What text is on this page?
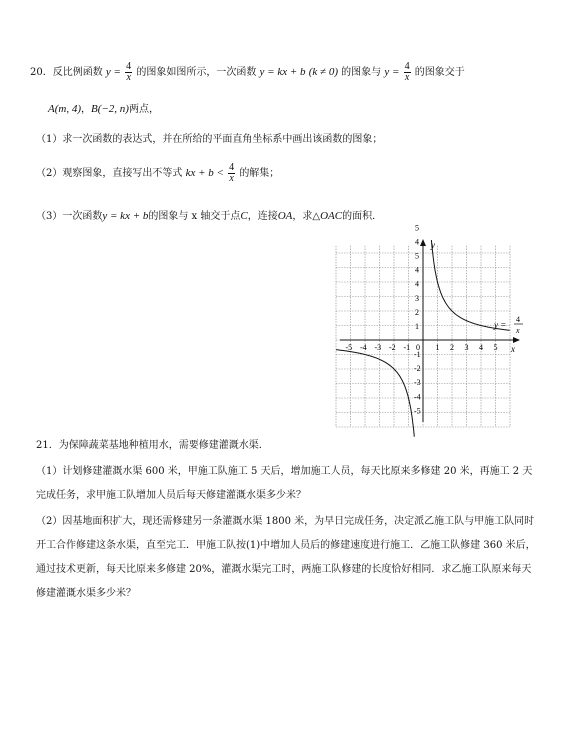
20．反比例函数 $y = \frac{4}{x}$ 的图象如图所示，一次函数 y = kx + b (k ≠ 0) 的图象与 $y = \frac{4}{x}$ 的图象交于
A(m, 4)，B(−2, n)两点，
（1）求一次函数的表达式，并在所给的平面直角坐标系中画出该函数的图象；
（2）观察图象，直接写出不等式 kx + $b < \frac{4}{x}$ 的解集；
（3）一次函数y = kx + b的图象与 x 轴交于点C，连接OA，求△OAC的面积．
y
x
0
-5 -4 -3 -2 -1	1 2 3 4 5
5
4
5
4
4
3
2
1
-1
-2
-3
-4
-5
y =
4
x
21．为保障蔬菜基地种植用水，需要修建灌溉水渠．
（1）计划修建灌溉水渠 600 米，甲施工队施工 5 天后，增加施工人员，每天比原来多修建 20 米，再施工 2 天完成任务，求甲施工队增加人员后每天修建灌溉水渠多少米？
（2）因基地面积扩大，现还需修建另一条灌溉水渠 1800 米，为早日完成任务，决定派乙施工队与甲施工队同时开工合作修建这条水渠，直至完工．甲施工队按(1)中增加人员后的修建速度进行施工．乙施工队修建 360 米后，通过技术更新，每天比原来多修建 20%，灌溉水渠完工时，两施工队修建的长度恰好相同．求乙施工队原来每天修建灌溉水渠多少米？
